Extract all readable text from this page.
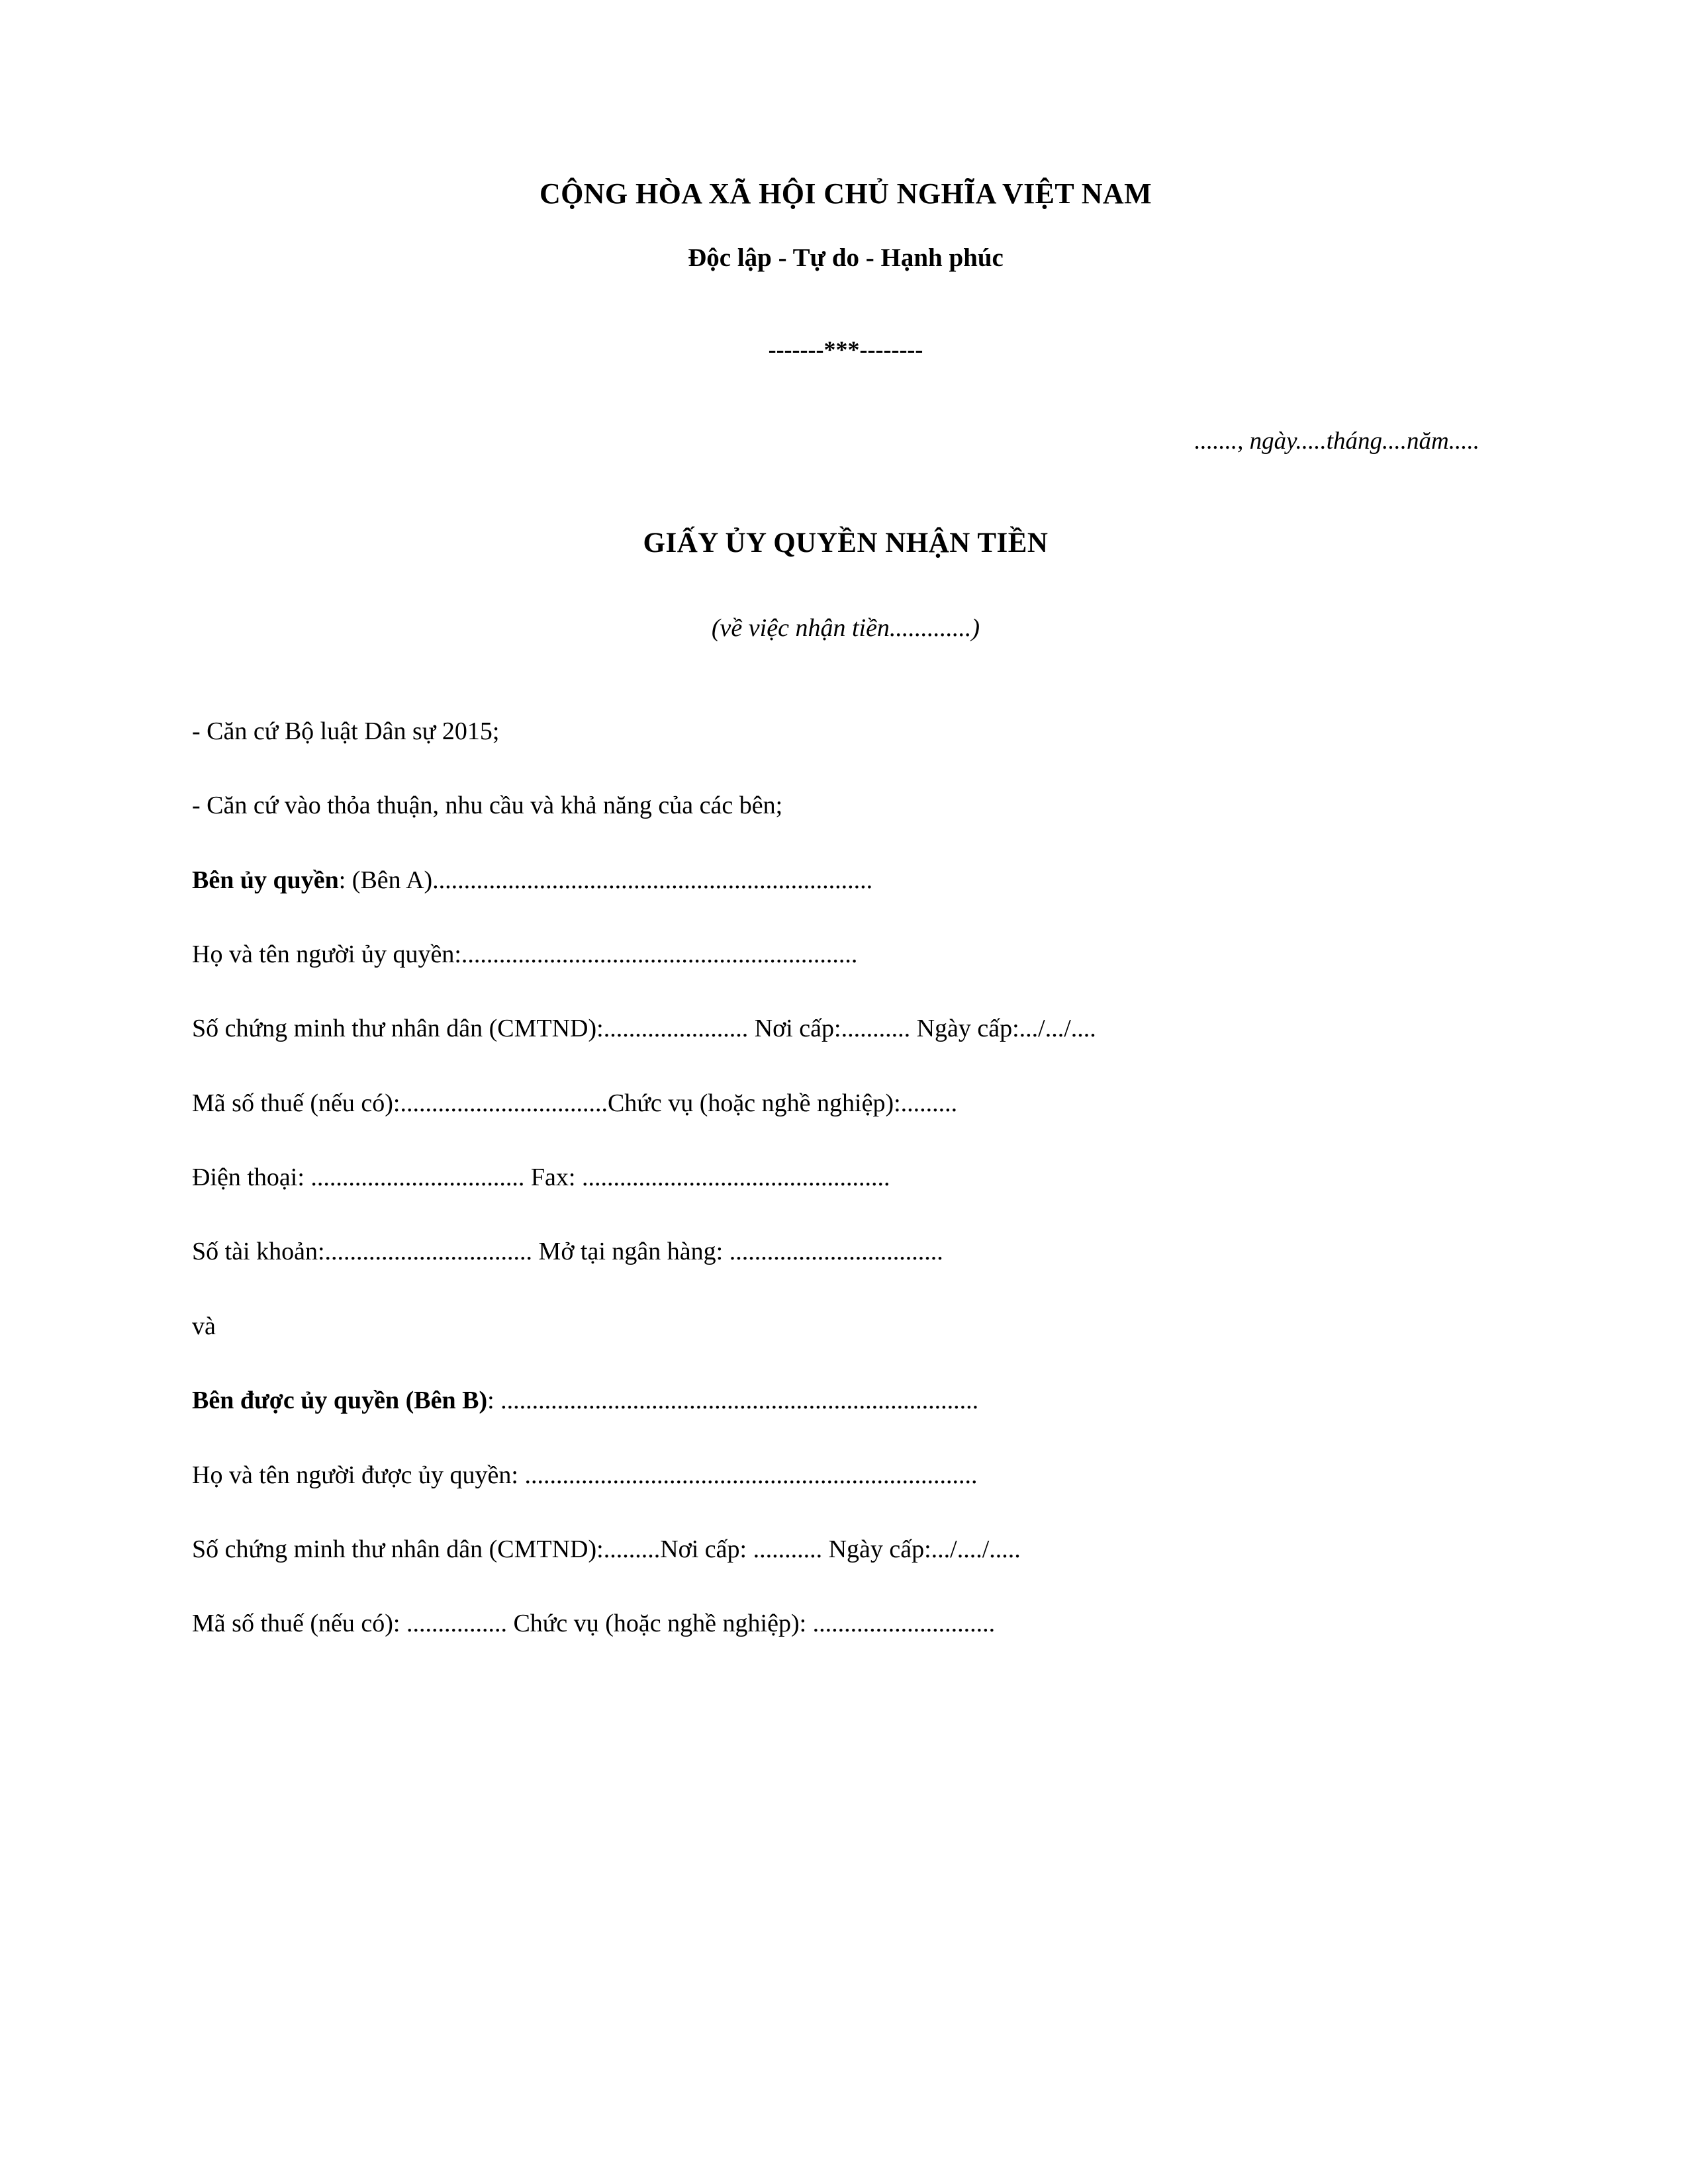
CỘNG HÒA XÃ HỘI CHỦ NGHĨA VIỆT NAM
Độc lập - Tự do - Hạnh phúc
-------***--------
......., ngày.....tháng....năm.....
GIẤY ỦY QUYỀN NHẬN TIỀN
(về việc nhận tiền.............)
- Căn cứ Bộ luật Dân sự 2015;
- Căn cứ vào thỏa thuận, nhu cầu và khả năng của các bên;
Bên ủy quyền: (Bên A)......................................................................
Họ và tên người ủy quyền:...............................................................
Số chứng minh thư nhân dân (CMTND):....................... Nơi cấp:........... Ngày cấp:.../.../....
Mã số thuế (nếu có):.................................Chức vụ (hoặc nghề nghiệp):.........
Điện thoại: .................................. Fax: .................................................
Số tài khoản:................................. Mở tại ngân hàng: ..................................
và
Bên được ủy quyền (Bên B): ............................................................................
Họ và tên người được ủy quyền: ........................................................................
Số chứng minh thư nhân dân (CMTND):.........Nơi cấp: ........... Ngày cấp:.../..../.....
Mã số thuế (nếu có): ................ Chức vụ (hoặc nghề nghiệp): .............................
